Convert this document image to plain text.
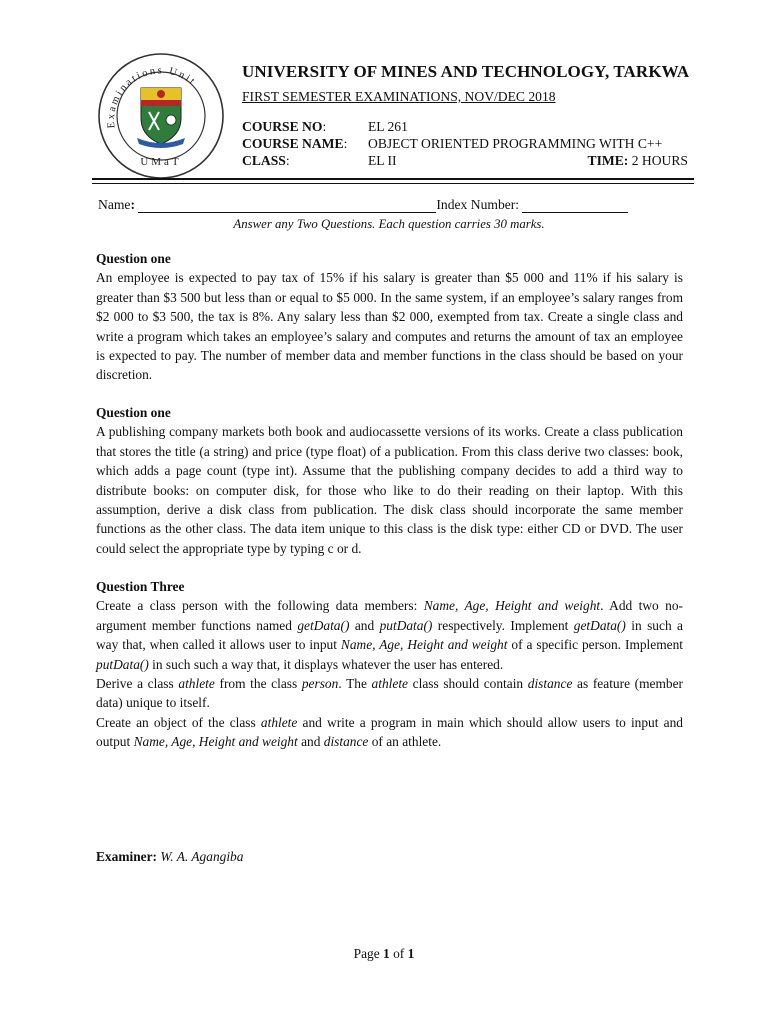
Examinations Unit
UMaT
UNIVERSITY OF MINES AND TECHNOLOGY, TARKWA
FIRST SEMESTER EXAMINATIONS, NOV/DEC 2018
COURSE NO:	EL 261
COURSE NAME: OBJECT ORIENTED PROGRAMMING WITH C++
CLASS:	EL II	TIME: 2 HOURS
Name:	Index Number:
Answer any Two Questions. Each question carries 30 marks.
Question one

An employee is expected to pay tax of 15% if his salary is greater than $5 000 and 11% if his salary is greater than $3 500 but less than or equal to $5 000. In the same system, if an employee’s salary ranges from $2 000 to $3 500, the tax is 8%. Any salary less than $2 000, exempted from tax. Create a single class and write a program which takes an employee’s salary and computes and returns the amount of tax an employee is expected to pay. The number of member data and member functions in the class should be based on your discretion.

Question one

A publishing company markets both book and audiocassette versions of its works. Create a class publication that stores the title (a string) and price (type float) of a publication. From this class derive two classes: book, which adds a page count (type int). Assume that the publishing company decides to add a third way to distribute books: on computer disk, for those who like to do their reading on their laptop. With this assumption, derive a disk class from publication. The disk class should incorporate the same member functions as the other class. The data item unique to this class is the disk type: either CD or DVD. The user could select the appropriate type by typing c or d.

Question Three

Create a class person with the following data members: Name, Age, Height and weight. Add two no-argument member functions named getData() and putData() respectively. Implement getData() in such a way that, when called it allows user to input Name, Age, Height and weight of a specific person. Implement putData() in such such a way that, it displays whatever the user has entered.

Derive a class athlete from the class person. The athlete class should contain distance as feature (member data) unique to itself.

Create an object of the class athlete and write a program in main which should allow users to input and output Name, Age, Height and weight and distance of an athlete.

Examiner: W. A. Agangiba
Page 1 of 1
